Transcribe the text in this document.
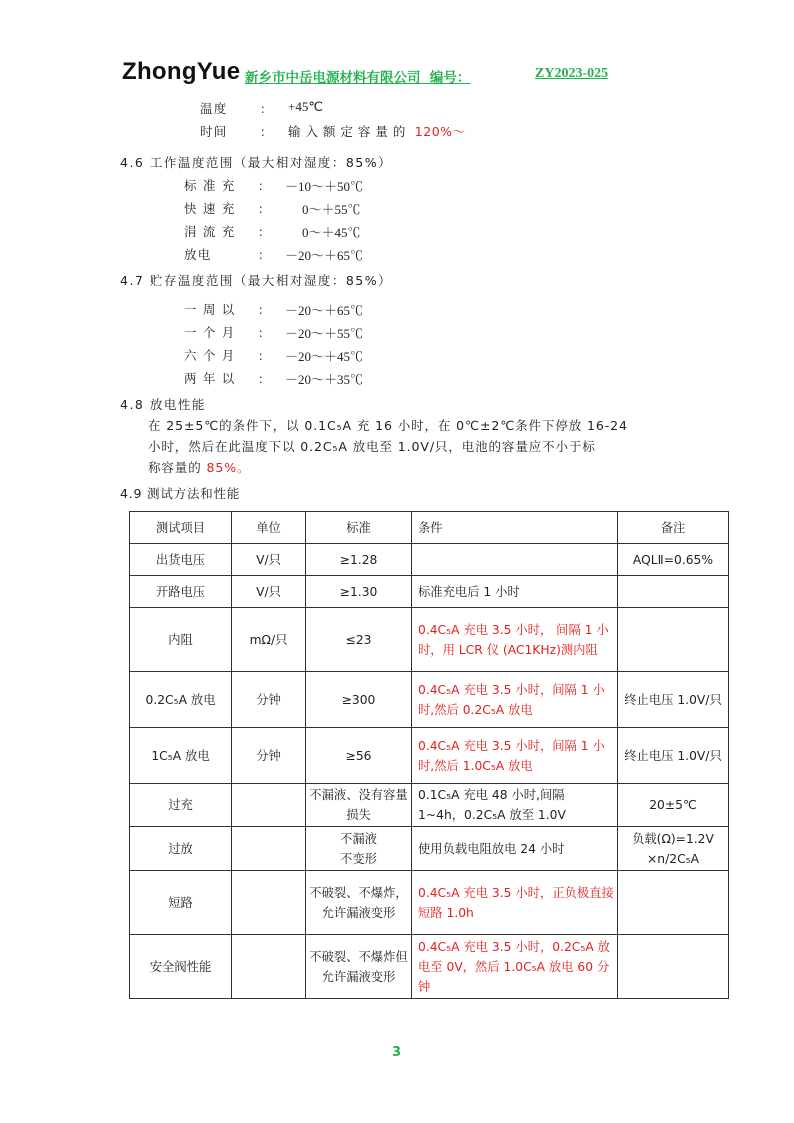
ZhongYue 新乡市中岳电源材料有限公司 编号：	ZY2023-025
温度	： +45℃
时间	： 输 入 额 定 容 量 的 120%～
4.6 工作温度范围（最大相对湿度：85%）
标 准 充 ： －10～＋50℃
快 速 充 ： 0～＋55℃
涓 流 充 ： 0～＋45℃
放电	： －20～＋65℃
4.7 贮存温度范围（最大相对湿度：85%）
一 周 以 ： －20～＋65℃
一 个 月 ： －20～＋55℃
六 个 月 ： －20～＋45℃
两 年 以 ： －20～＋35℃
4.8 放电性能
在 25±5℃的条件下，以 0.1C₅A 充 16 小时，在 0℃±2℃条件下停放 16-24
小时，然后在此温度下以 0.2C₅A 放电至 1.0V/只，电池的容量应不小于标
称容量的 85%。
4.9 测试方法和性能
测试项目	单位	标准	条件	备注
出货电压	V/只	≥1.28		AQLⅡ=0.65%
开路电压	V/只	≥1.30	标准充电后 1 小时	
内阻	mΩ/只	≤23	0.4C₅A 充电 3.5 小时， 间隔 1 小时，用 LCR 仪 (AC1KHz)测内阻	
0.2C₅A 放电	分钟	≥300	0.4C₅A 充电 3.5 小时，间隔 1 小时,然后 0.2C₅A 放电	终止电压 1.0V/只
1C₅A 放电	分钟	≥56	0.4C₅A 充电 3.5 小时，间隔 1 小时,然后 1.0C₅A 放电	终止电压 1.0V/只
过充		不漏液、没有容量损失	0.1C₅A 充电 48 小时,间隔 1~4h，0.2C₅A 放至 1.0V	20±5℃
过放		不漏液 不变形	使用负载电阻放电 24 小时	负载(Ω)=1.2V ×n/2C₅A
短路		不破裂、不爆炸，允许漏液变形	0.4C₅A 充电 3.5 小时，正负极直接短路 1.0h	
安全阀性能		不破裂、不爆炸但允许漏液变形	0.4C₅A 充电 3.5 小时，0.2C₅A 放电至 0V，然后 1.0C₅A 放电 60 分钟	
3
